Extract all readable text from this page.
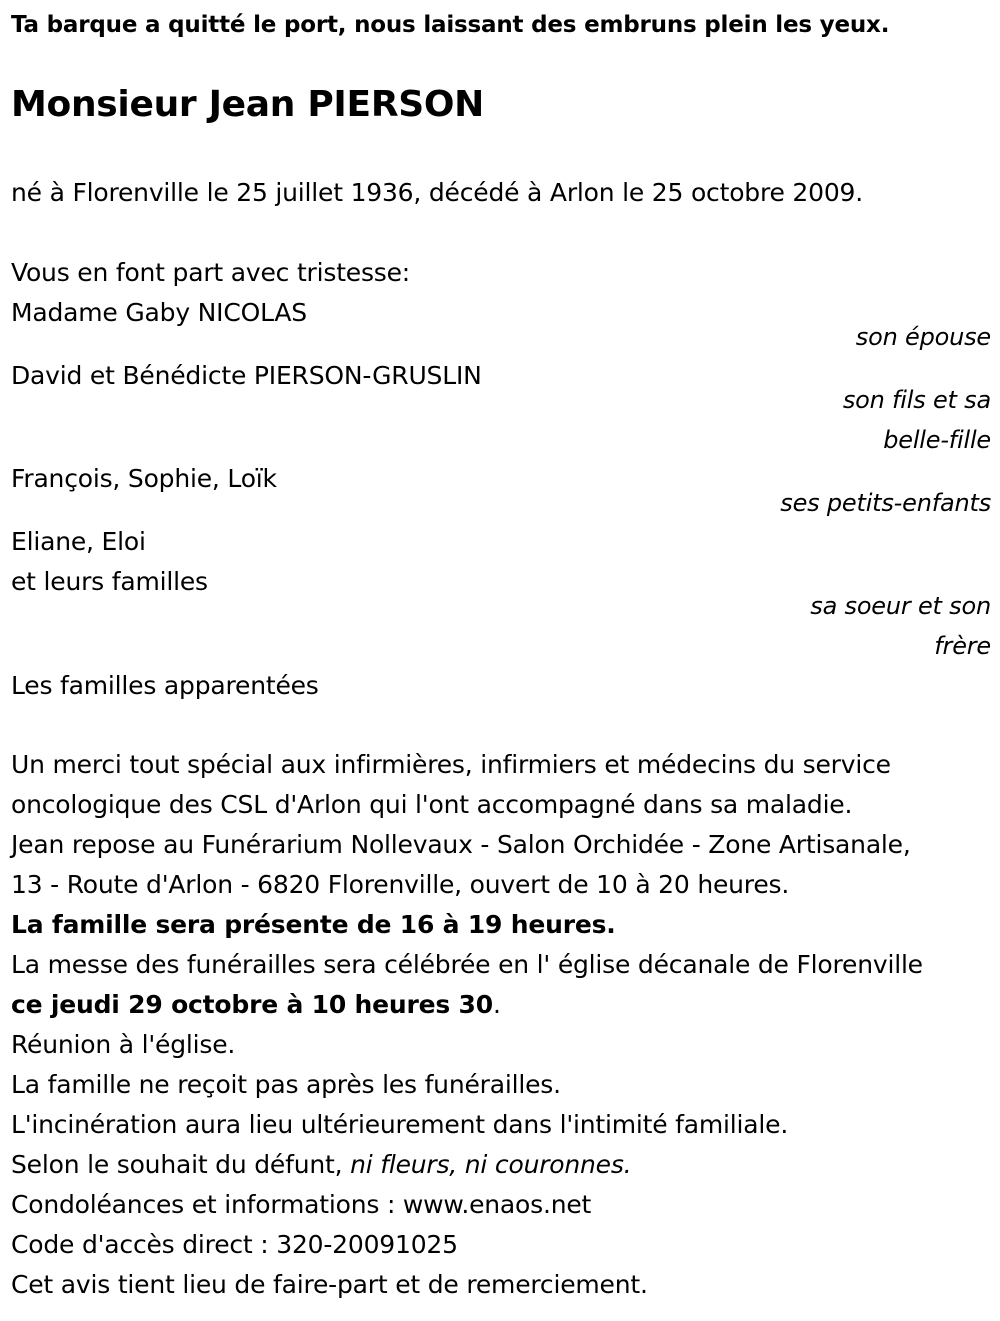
Ta barque a quitté le port, nous laissant des embruns plein les yeux.
Monsieur Jean PIERSON
né à Florenville le 25 juillet 1936, décédé à Arlon le 25 octobre 2009.
Vous en font part avec tristesse:
Madame Gaby NICOLAS
son épouse
David et Bénédicte PIERSON-GRUSLIN
son fils et sa
belle-fille
François, Sophie, Loïk
ses petits-enfants
Eliane, Eloi
et leurs familles
sa soeur et son
frère
Les familles apparentées
Un merci tout spécial aux infirmières, infirmiers et médecins du service
oncologique des CSL d'Arlon qui l'ont accompagné dans sa maladie.
Jean repose au Funérarium Nollevaux - Salon Orchidée - Zone Artisanale,
13 - Route d'Arlon - 6820 Florenville, ouvert de 10 à 20 heures.
La famille sera présente de 16 à 19 heures.
La messe des funérailles sera célébrée en l' église décanale de Florenville
ce jeudi 29 octobre à 10 heures 30.
Réunion à l'église.
La famille ne reçoit pas après les funérailles.
L'incinération aura lieu ultérieurement dans l'intimité familiale.
Selon le souhait du défunt, ni fleurs, ni couronnes.
Condoléances et informations : www.enaos.net
Code d'accès direct : 320-20091025
Cet avis tient lieu de faire-part et de remerciement.
